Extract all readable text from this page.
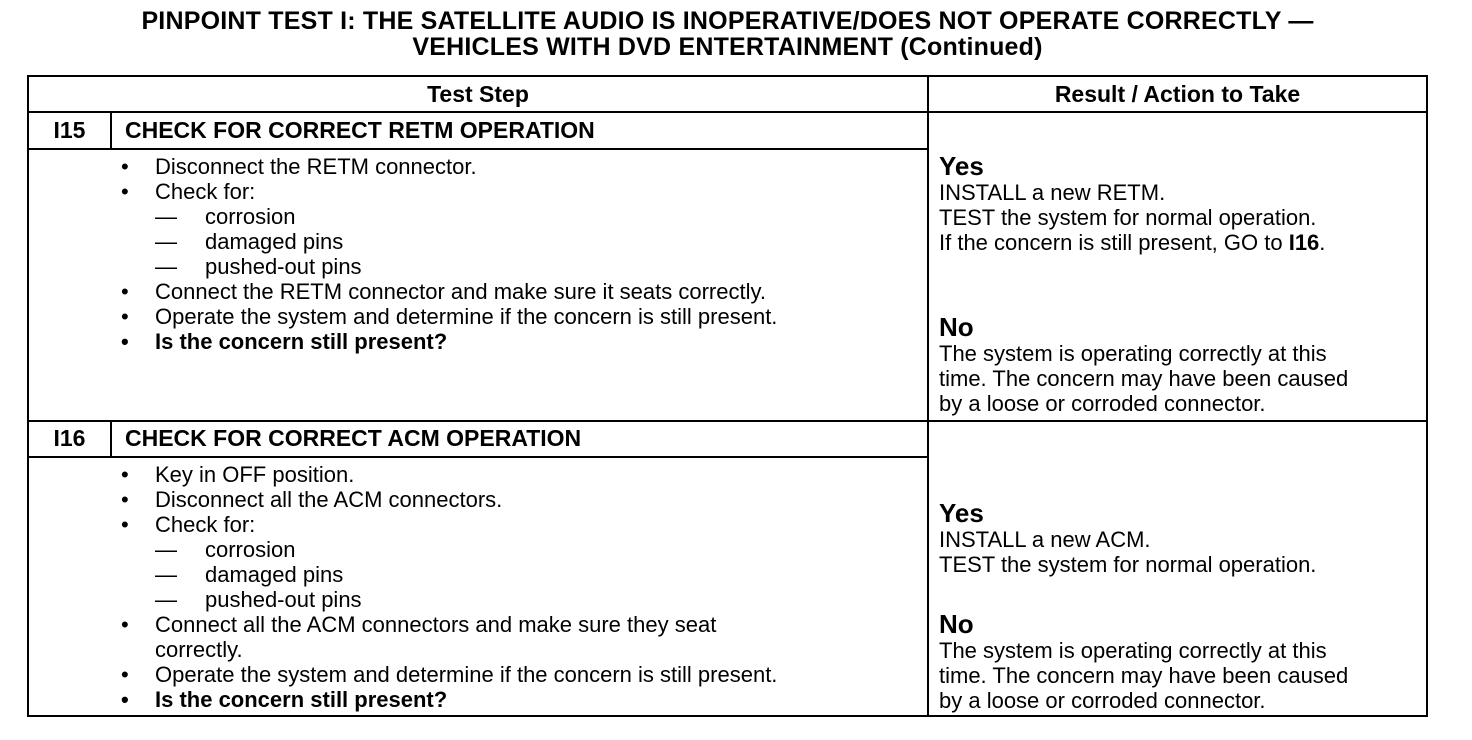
PINPOINT TEST I: THE SATELLITE AUDIO IS INOPERATIVE/DOES NOT OPERATE CORRECTLY —
VEHICLES WITH DVD ENTERTAINMENT (Continued)
Test Step	Result / Action to Take
I15	CHECK FOR CORRECT RETM OPERATION
• Disconnect the RETM connector.
• Check for:
— corrosion
— damaged pins
— pushed-out pins
• Connect the RETM connector and make sure it seats correctly.
• Operate the system and determine if the concern is still present.
• Is the concern still present?
Yes
INSTALL a new RETM.
TEST the system for normal operation.
If the concern is still present, GO to I16.
No
The system is operating correctly at this
time. The concern may have been caused
by a loose or corroded connector.
I16	CHECK FOR CORRECT ACM OPERATION
• Key in OFF position.
• Disconnect all the ACM connectors.
• Check for:
— corrosion
— damaged pins
— pushed-out pins
• Connect all the ACM connectors and make sure they seat
correctly.
• Operate the system and determine if the concern is still present.
• Is the concern still present?
Yes
INSTALL a new ACM.
TEST the system for normal operation.
No
The system is operating correctly at this
time. The concern may have been caused
by a loose or corroded connector.
